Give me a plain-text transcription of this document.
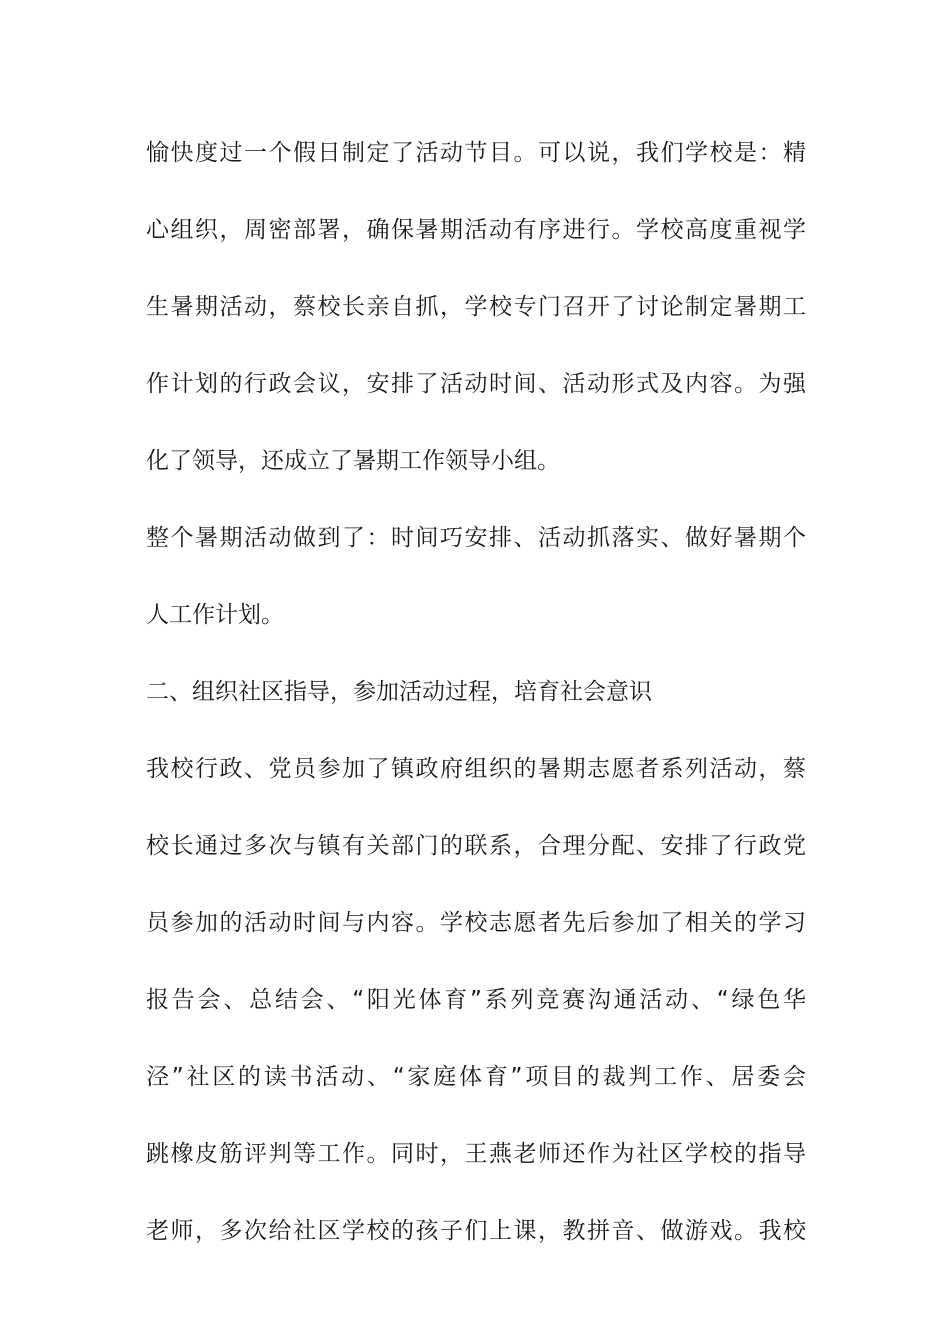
愉快度过一个假日制定了活动节目。可以说，我们学校是：精
心组织，周密部署，确保暑期活动有序进行。学校高度重视学
生暑期活动，蔡校长亲自抓，学校专门召开了讨论制定暑期工
作计划的行政会议，安排了活动时间、活动形式及内容。为强
化了领导，还成立了暑期工作领导小组。
整个暑期活动做到了：时间巧安排、活动抓落实、做好暑期个
人工作计划。
二、组织社区指导，参加活动过程，培育社会意识
我校行政、党员参加了镇政府组织的暑期志愿者系列活动，蔡
校长通过多次与镇有关部门的联系，合理分配、安排了行政党
员参加的活动时间与内容。学校志愿者先后参加了相关的学习
报告会、总结会、“阳光体育”系列竞赛沟通活动、“绿色华
泾”社区的读书活动、“家庭体育”项目的裁判工作、居委会
跳橡皮筋评判等工作。同时，王燕老师还作为社区学校的指导
老师，多次给社区学校的孩子们上课，教拼音、做游戏。我校
